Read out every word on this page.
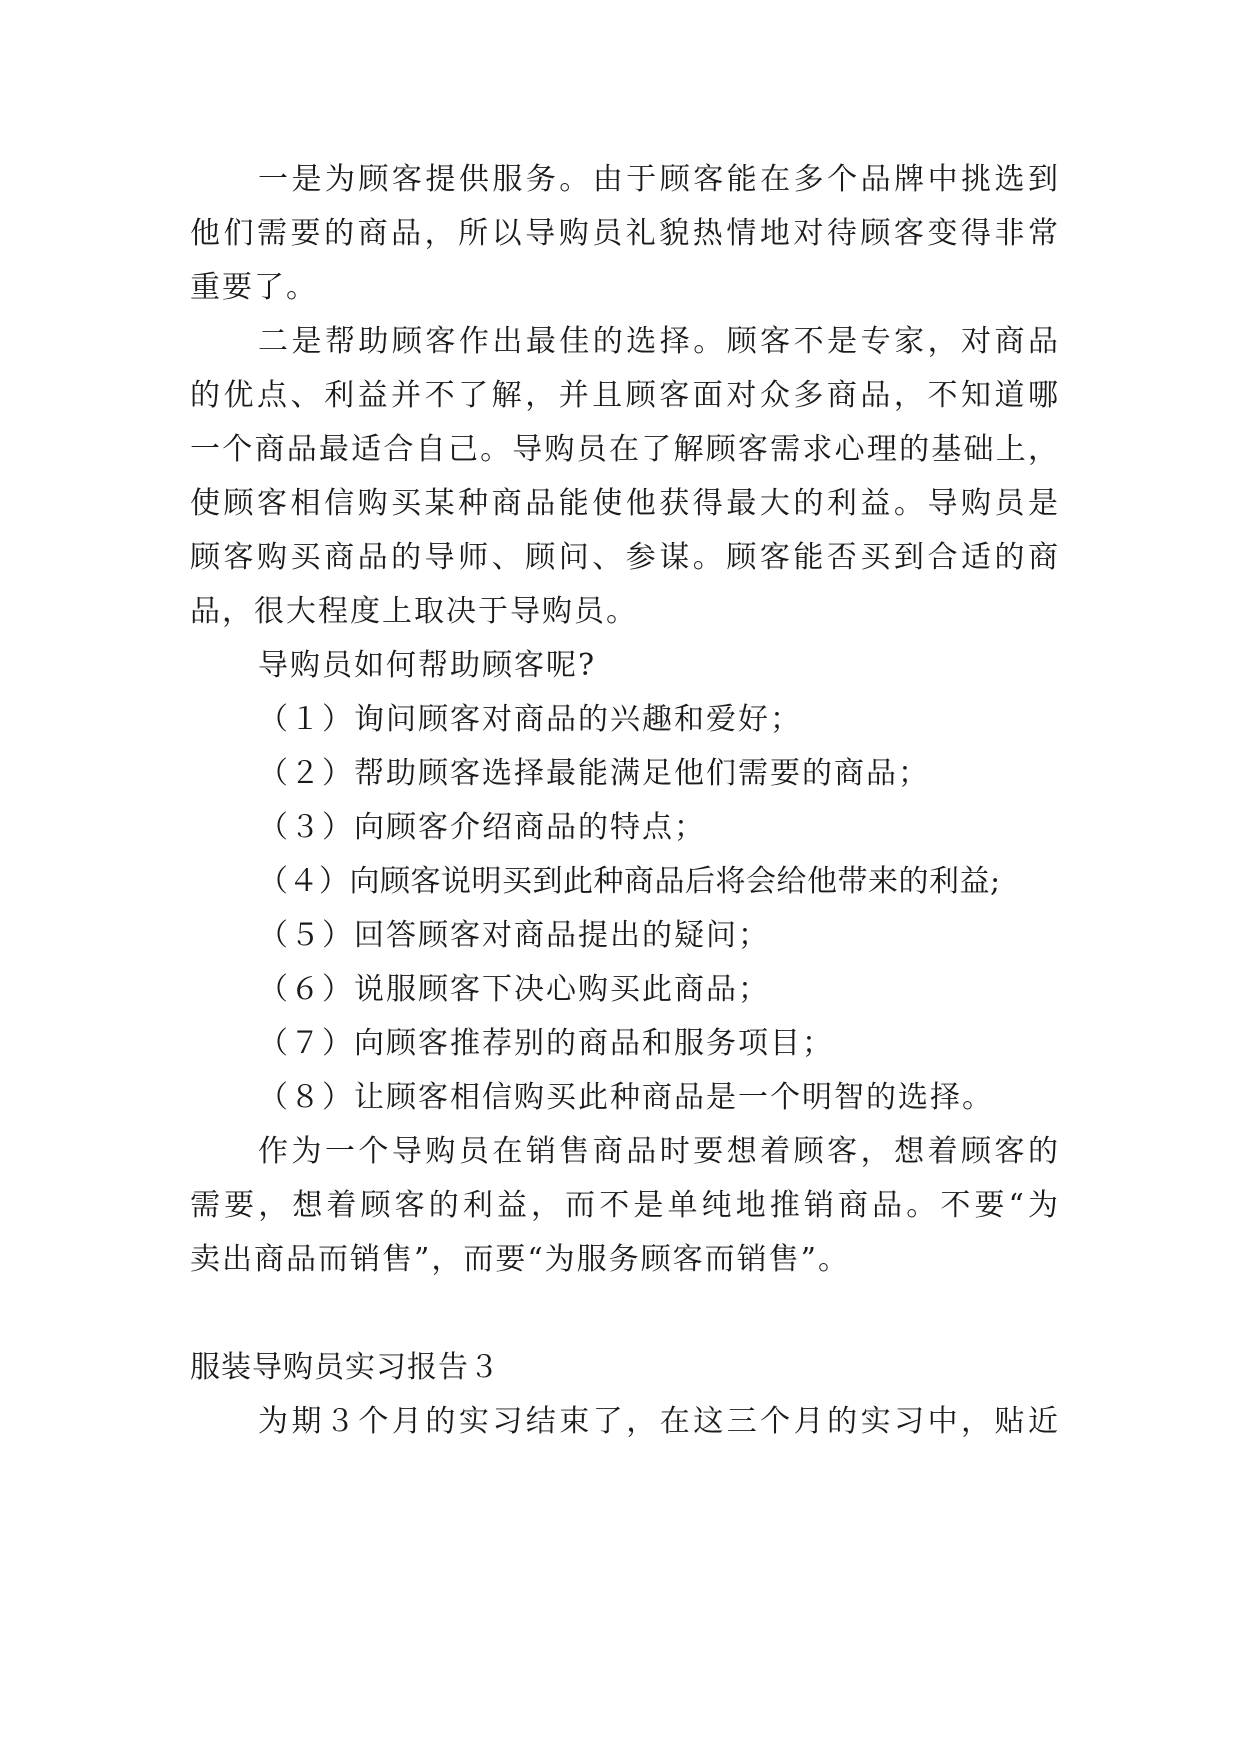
一是为顾客提供服务。由于顾客能在多个品牌中挑选到
他们需要的商品，所以导购员礼貌热情地对待顾客变得非常
重要了。
二是帮助顾客作出最佳的选择。顾客不是专家，对商品
的优点、利益并不了解，并且顾客面对众多商品，不知道哪
一个商品最适合自己。导购员在了解顾客需求心理的基础上，
使顾客相信购买某种商品能使他获得最大的利益。导购员是
顾客购买商品的导师、顾问、参谋。顾客能否买到合适的商
品，很大程度上取决于导购员。
导购员如何帮助顾客呢?
（１）询问顾客对商品的兴趣和爱好；
（２）帮助顾客选择最能满足他们需要的商品；
（３）向顾客介绍商品的特点；
（４）向顾客说明买到此种商品后将会给他带来的利益;
（５）回答顾客对商品提出的疑问；
（６）说服顾客下决心购买此商品；
（７）向顾客推荐别的商品和服务项目；
（８）让顾客相信购买此种商品是一个明智的选择。
作为一个导购员在销售商品时要想着顾客，想着顾客的
需要，想着顾客的利益，而不是单纯地推销商品。不要“为
卖出商品而销售”，而要“为服务顾客而销售”。
服装导购员实习报告３
为期３个月的实习结束了，在这三个月的实习中，贴近
